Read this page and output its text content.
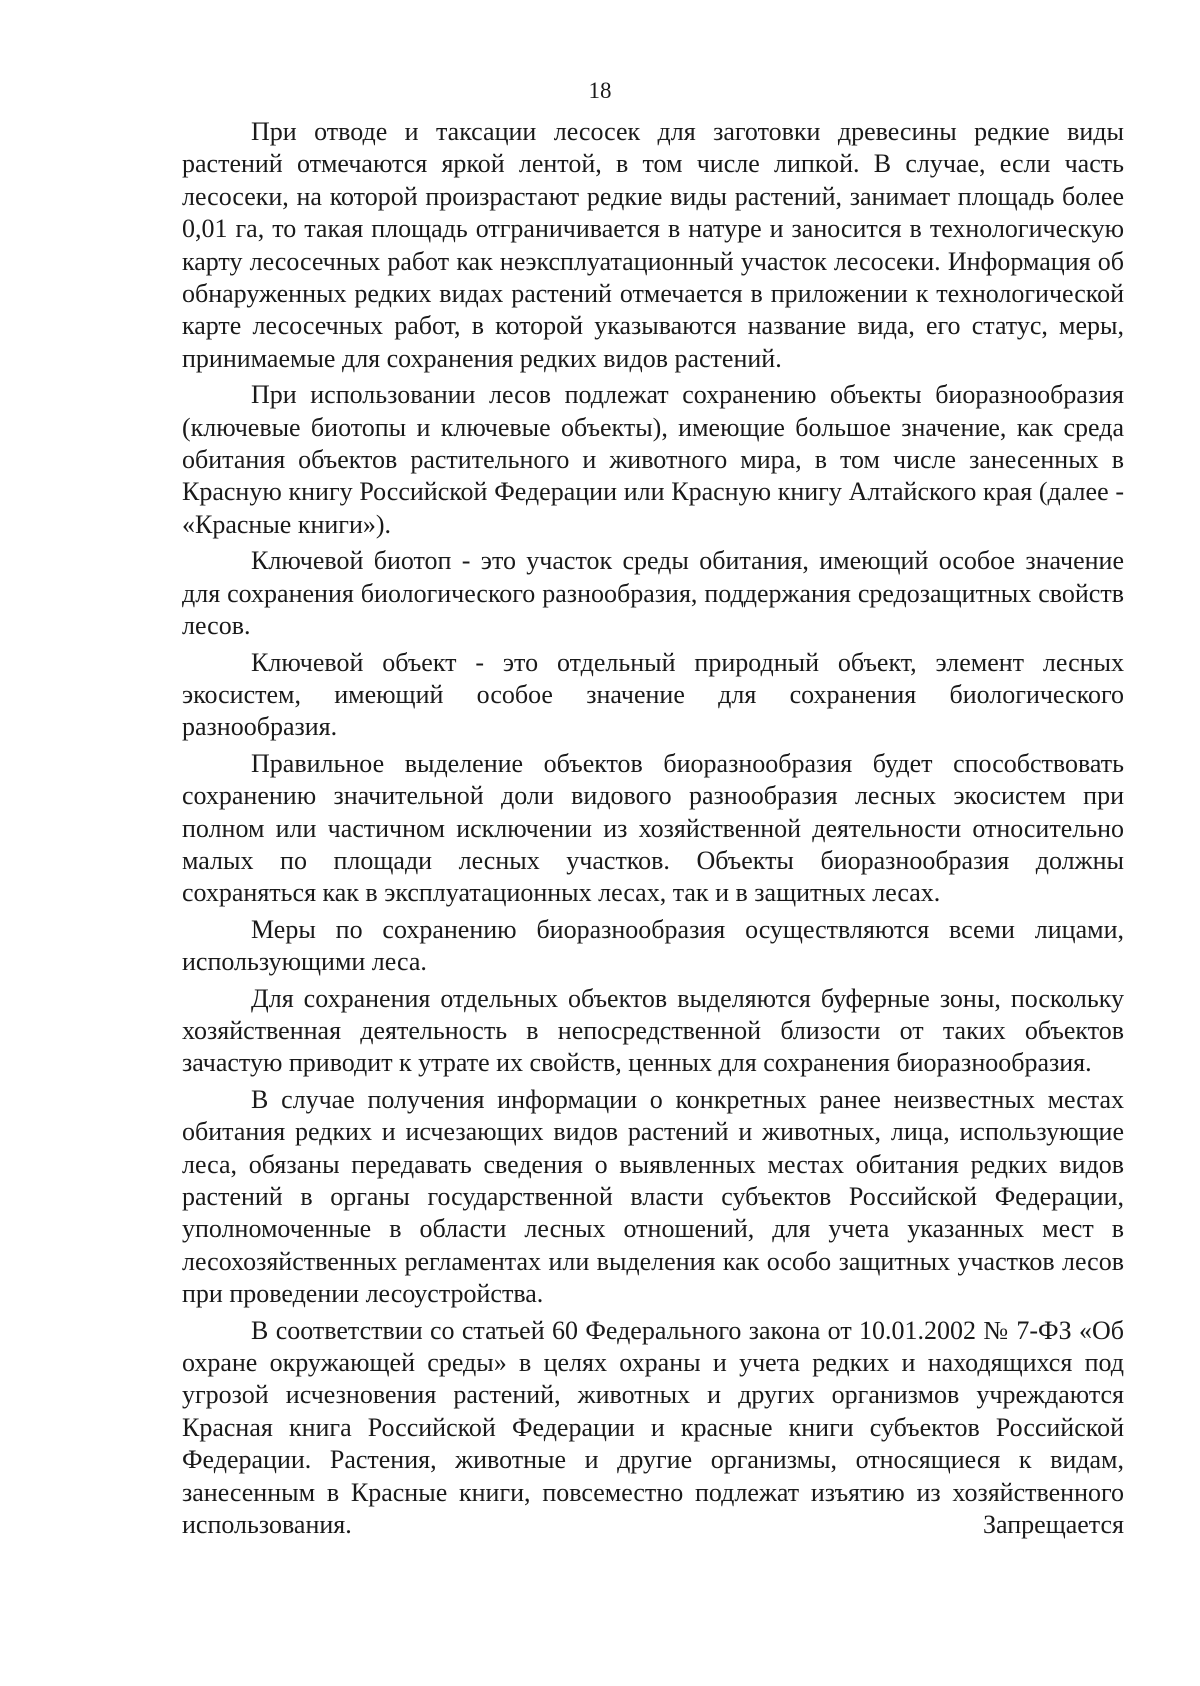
18

При отводе и таксации лесосек для заготовки древесины редкие виды растений отмечаются яркой лентой, в том числе липкой. В случае, если часть лесосеки, на которой произрастают редкие виды растений, занимает площадь более 0,01 га, то такая площадь отграничивается в натуре и заносится в технологическую карту лесосечных работ как неэксплуатационный участок лесосеки. Информация об обнаруженных редких видах растений отмечается в приложении к технологической карте лесосечных работ, в которой указываются название вида, его статус, меры, принимаемые для сохранения редких видов растений.

При использовании лесов подлежат сохранению объекты биоразнообразия (ключевые биотопы и ключевые объекты), имеющие большое значение, как среда обитания объектов растительного и животного мира, в том числе занесенных в Красную книгу Российской Федерации или Красную книгу Алтайского края (далее - «Красные книги»).

Ключевой биотоп - это участок среды обитания, имеющий особое значение для сохранения биологического разнообразия, поддержания средозащитных свойств лесов.

Ключевой объект - это отдельный природный объект, элемент лесных экосистем, имеющий особое значение для сохранения биологического разнообразия.

Правильное выделение объектов биоразнообразия будет способствовать сохранению значительной доли видового разнообразия лесных экосистем при полном или частичном исключении из хозяйственной деятельности относительно малых по площади лесных участков. Объекты биоразнообразия должны сохраняться как в эксплуатационных лесах, так и в защитных лесах.

Меры по сохранению биоразнообразия осуществляются всеми лицами, использующими леса.

Для сохранения отдельных объектов выделяются буферные зоны, поскольку хозяйственная деятельность в непосредственной близости от таких объектов зачастую приводит к утрате их свойств, ценных для сохранения биоразнообразия.

В случае получения информации о конкретных ранее неизвестных местах обитания редких и исчезающих видов растений и животных, лица, использующие леса, обязаны передавать сведения о выявленных местах обитания редких видов растений в органы государственной власти субъектов Российской Федерации, уполномоченные в области лесных отношений, для учета указанных мест в лесохозяйственных регламентах или выделения как особо защитных участков лесов при проведении лесоустройства.

В соответствии со статьей 60 Федерального закона от 10.01.2002 № 7-ФЗ «Об охране окружающей среды» в целях охраны и учета редких и находящихся под угрозой исчезновения растений, животных и других организмов учреждаются Красная книга Российской Федерации и красные книги субъектов Российской Федерации. Растения, животные и другие организмы, относящиеся к видам, занесенным в Красные книги, повсеместно подлежат изъятию из хозяйственного использования. Запрещается
